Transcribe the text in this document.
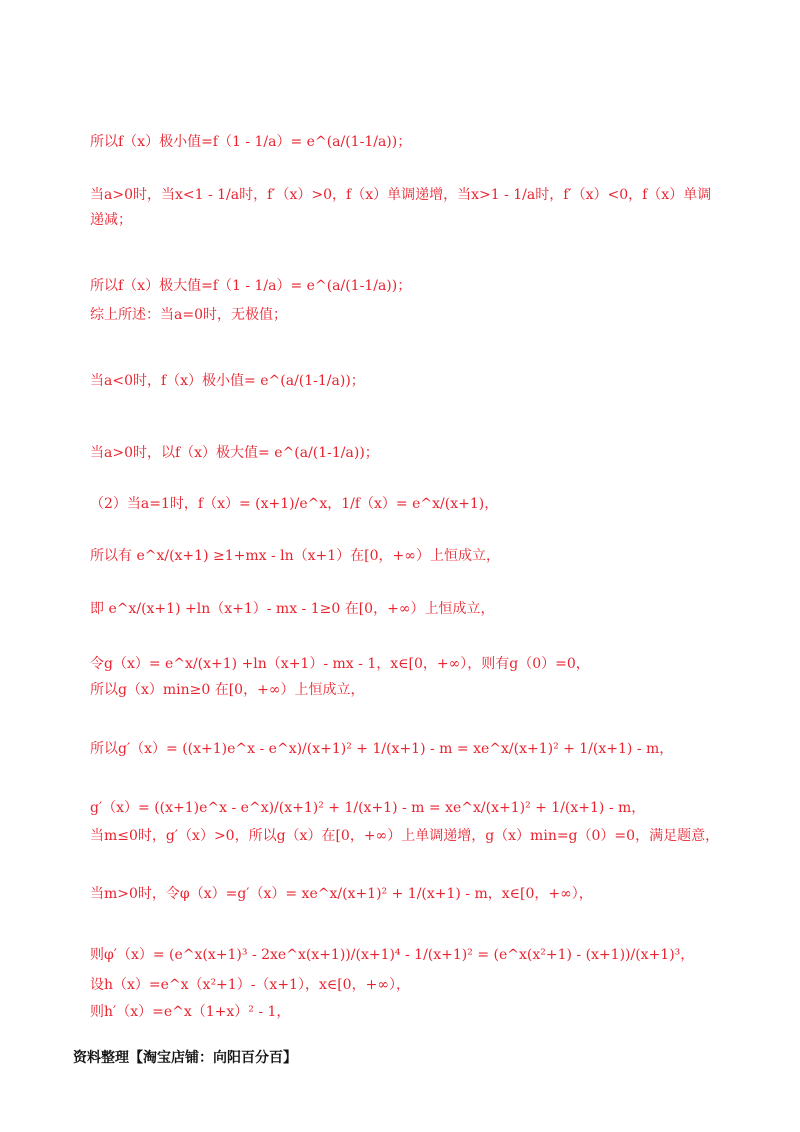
所以f（x）极小值=f（1 - 1/a）= e^(a/(1-1/a))；
当a>0时，当x<1 - 1/a时，f′（x）>0，f（x）单调递增，当x>1 - 1/a时，f′（x）<0，f（x）单调
递减；
所以f（x）极大值=f（1 - 1/a）= e^(a/(1-1/a))；
综上所述：当a=0时，无极值；
当a<0时，f（x）极小值= e^(a/(1-1/a))；
当a>0时，以f（x）极大值= e^(a/(1-1/a))；
（2）当a=1时，f（x）= (x+1)/e^x，1/f（x）= e^x/(x+1)，
所以有 e^x/(x+1) ≥1+mx - ln（x+1）在[0，+∞）上恒成立，
即 e^x/(x+1) +ln（x+1）- mx - 1≥0 在[0，+∞）上恒成立，
令g（x）= e^x/(x+1) +ln（x+1）- mx - 1，x∈[0，+∞），则有g（0）=0，
所以g（x）min≥0 在[0，+∞）上恒成立，
所以g′（x）= ((x+1)e^x - e^x)/(x+1)² + 1/(x+1) - m = xe^x/(x+1)² + 1/(x+1) - m，
g′（x）= ((x+1)e^x - e^x)/(x+1)² + 1/(x+1) - m = xe^x/(x+1)² + 1/(x+1) - m，
当m≤0时，g′（x）>0，所以g（x）在[0，+∞）上单调递增，g（x）min=g（0）=0，满足题意，
当m>0时，令φ（x）=g′（x）= xe^x/(x+1)² + 1/(x+1) - m，x∈[0，+∞），
则φ′（x）= (e^x(x+1)³ - 2xe^x(x+1))/(x+1)⁴ - 1/(x+1)² = (e^x(x²+1) - (x+1))/(x+1)³，
设h（x）=e^x（x²+1）-（x+1），x∈[0，+∞），
则h′（x）=e^x（1+x）² - 1，
资料整理【淘宝店铺：向阳百分百】
